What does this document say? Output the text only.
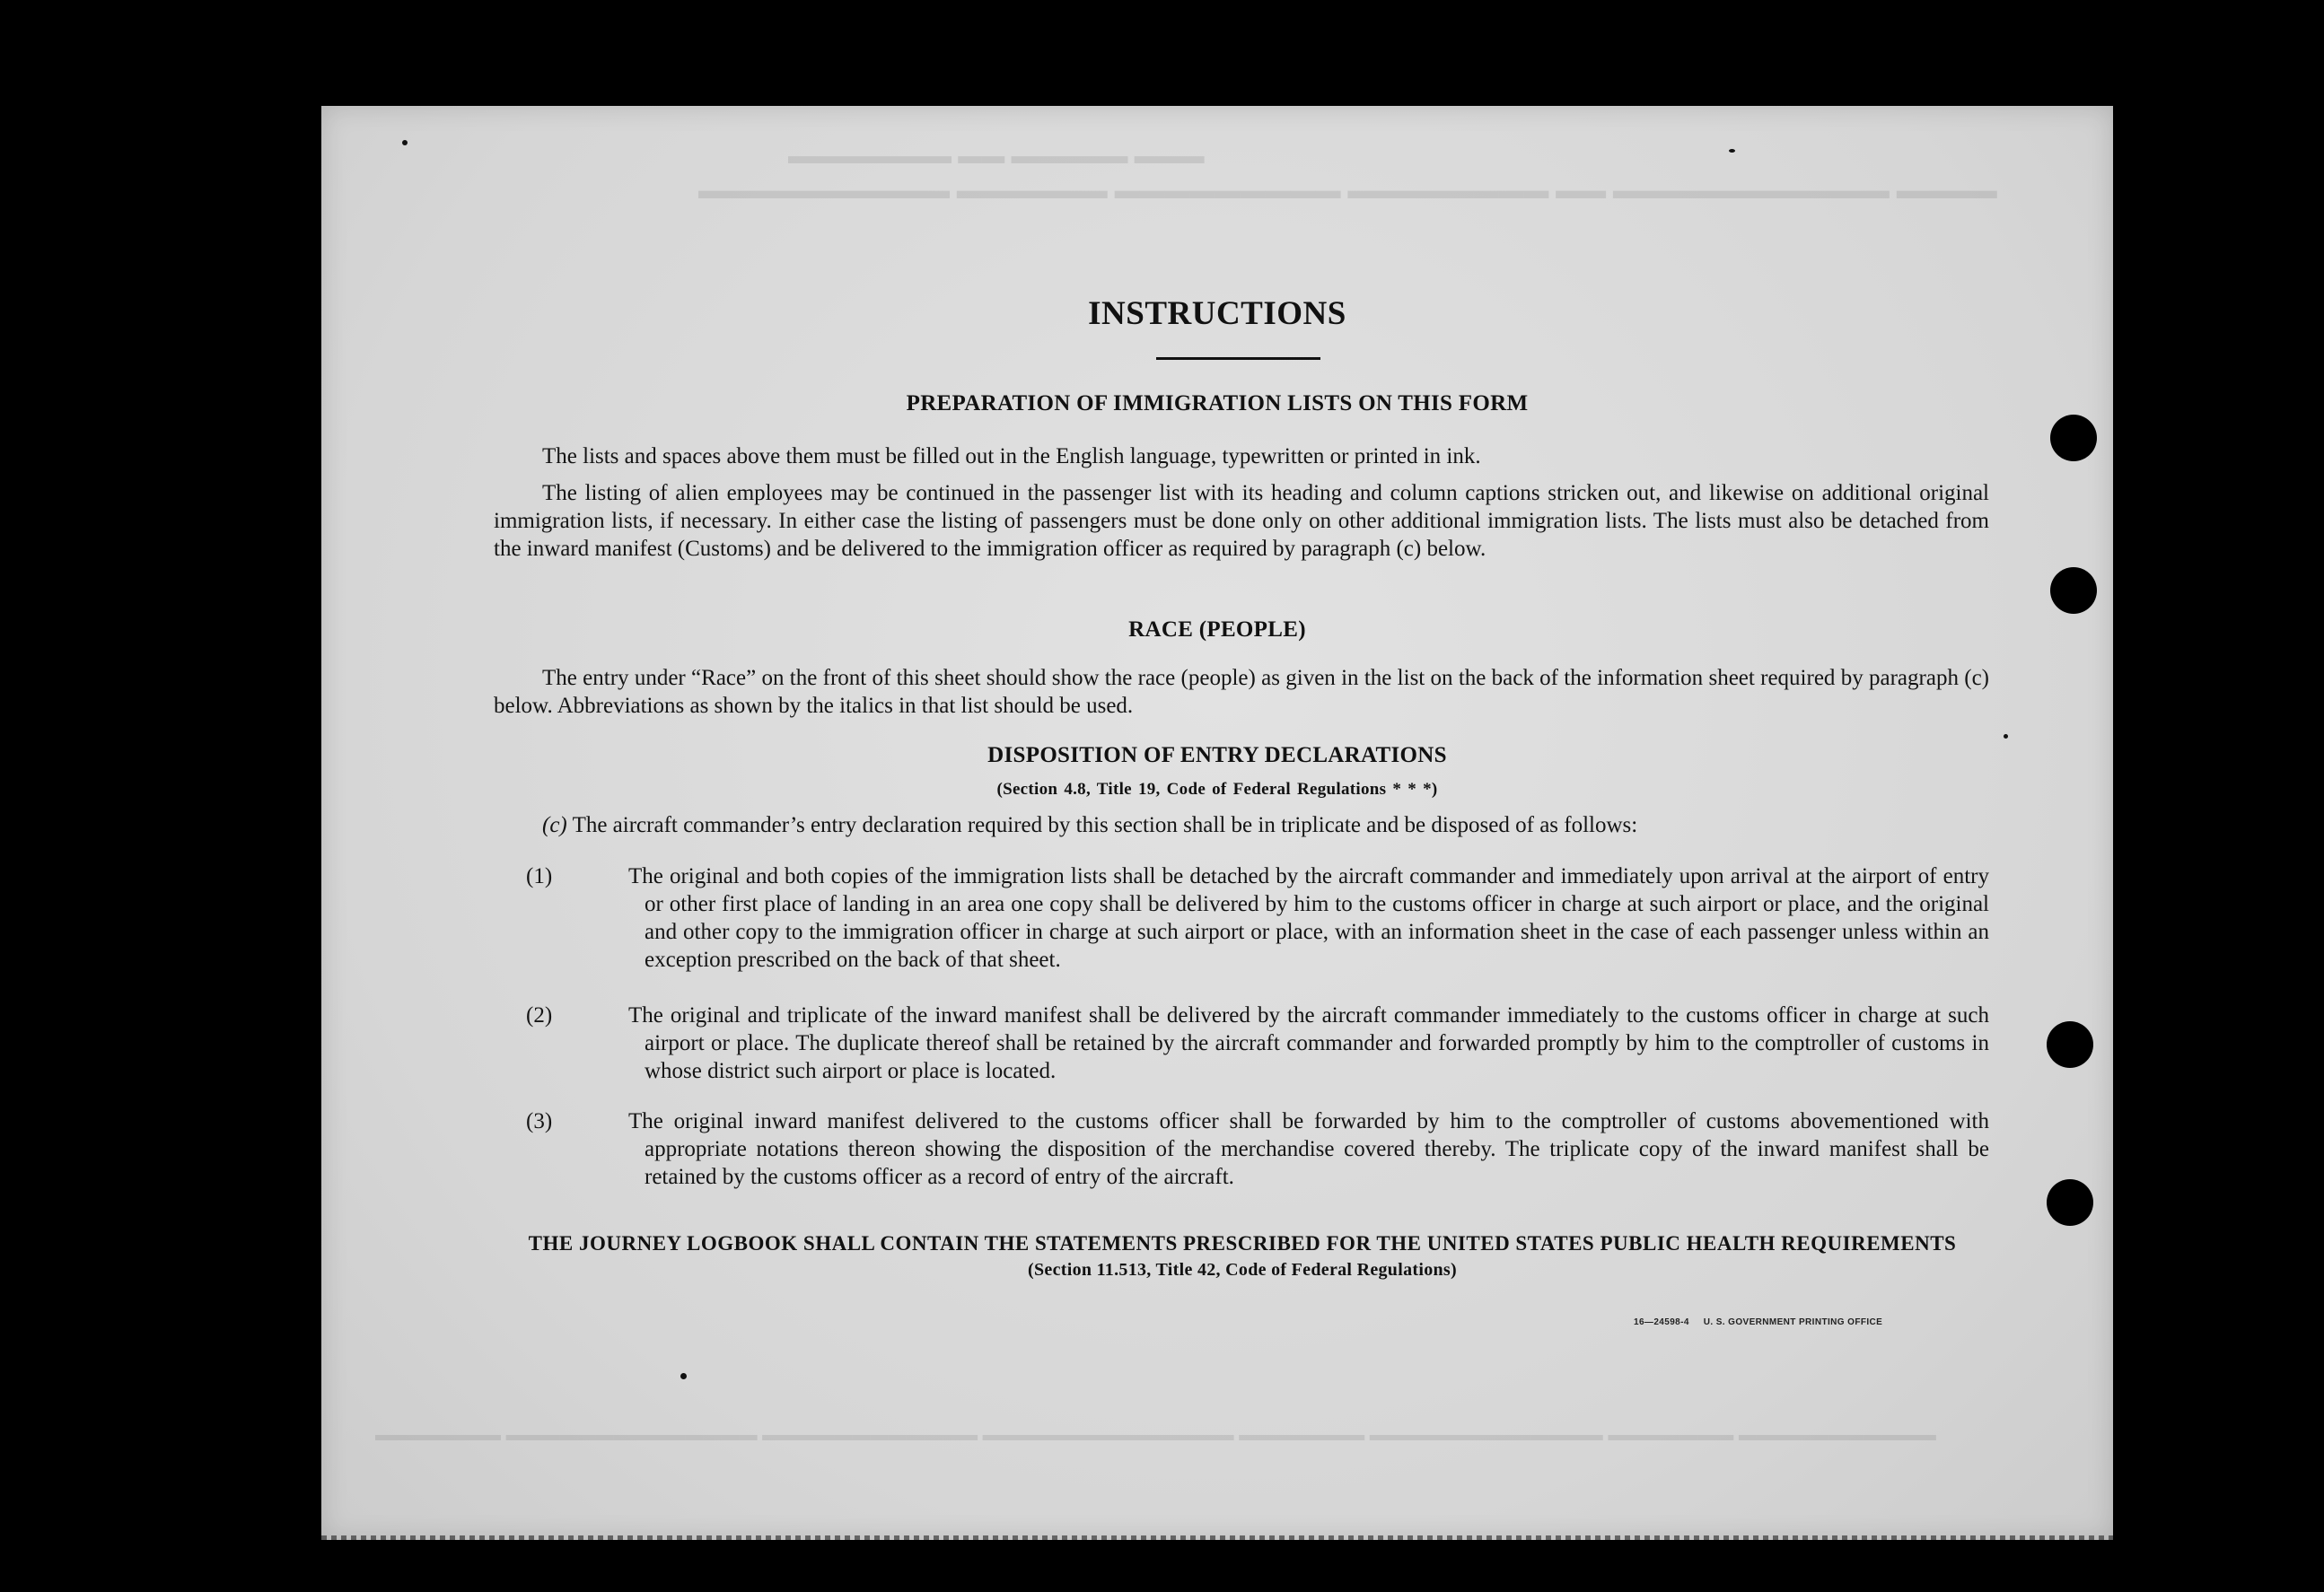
▬▬▬ ▬▬▬▬▬ ▬▬ ▬▬▬▬▬▬▬
▬▬▬▬ ▬▬▬▬▬▬▬▬▬▬▬ ▬▬ ▬▬▬▬▬▬▬▬ ▬▬▬▬▬▬▬▬▬ ▬▬▬▬▬▬ ▬▬▬▬▬▬▬▬▬▬
▬▬▬▬▬▬▬▬▬▬▬ ▬▬▬▬▬▬▬ ▬▬▬▬▬▬▬▬▬▬▬▬▬ ▬▬▬▬▬▬▬ ▬▬▬▬▬▬▬▬▬▬▬▬▬▬ ▬▬▬▬▬▬▬▬▬▬▬▬ ▬▬▬▬▬▬▬▬▬▬▬▬▬▬ ▬▬▬▬▬▬▬
INSTRUCTIONS
PREPARATION OF IMMIGRATION LISTS ON THIS FORM
The lists and spaces above them must be filled out in the English language, typewritten or printed in ink.
The listing of alien employees may be continued in the passenger list with its heading and column captions stricken out, and likewise on additional original immigration lists, if necessary. In either case the listing of passengers must be done only on other additional immigration lists. The lists must also be detached from the inward manifest (Customs) and be delivered to the immigration officer as required by paragraph (c) below.
RACE (PEOPLE)
The entry under “Race” on the front of this sheet should show the race (people) as given in the list on the back of the information sheet required by paragraph (c) below. Abbreviations as shown by the italics in that list should be used.
DISPOSITION OF ENTRY DECLARATIONS
(Section 4.8, Title 19, Code of Federal Regulations * * *)
(c) The aircraft commander’s entry declaration required by this section shall be in triplicate and be disposed of as follows:
(1)	The original and both copies of the immigration lists shall be detached by the aircraft commander and immediately upon arrival at the airport of entry or other first place of landing in an area one copy shall be delivered by him to the customs officer in charge at such airport or place, and the original and other copy to the immigration officer in charge at such airport or place, with an information sheet in the case of each passenger unless within an exception prescribed on the back of that sheet.
(2)	The original and triplicate of the inward manifest shall be delivered by the aircraft commander immediately to the customs officer in charge at such airport or place. The duplicate thereof shall be retained by the aircraft commander and forwarded promptly by him to the comptroller of customs in whose district such airport or place is located.
(3)	The original inward manifest delivered to the customs officer shall be forwarded by him to the comptroller of customs abovementioned with appropriate notations thereon showing the disposition of the merchandise covered thereby. The triplicate copy of the inward manifest shall be retained by the customs officer as a record of entry of the aircraft.
THE JOURNEY LOGBOOK SHALL CONTAIN THE STATEMENTS PRESCRIBED FOR THE UNITED STATES PUBLIC HEALTH REQUIREMENTS
(Section 11.513, Title 42, Code of Federal Regulations)
16—24598-4 U. S. GOVERNMENT PRINTING OFFICE
